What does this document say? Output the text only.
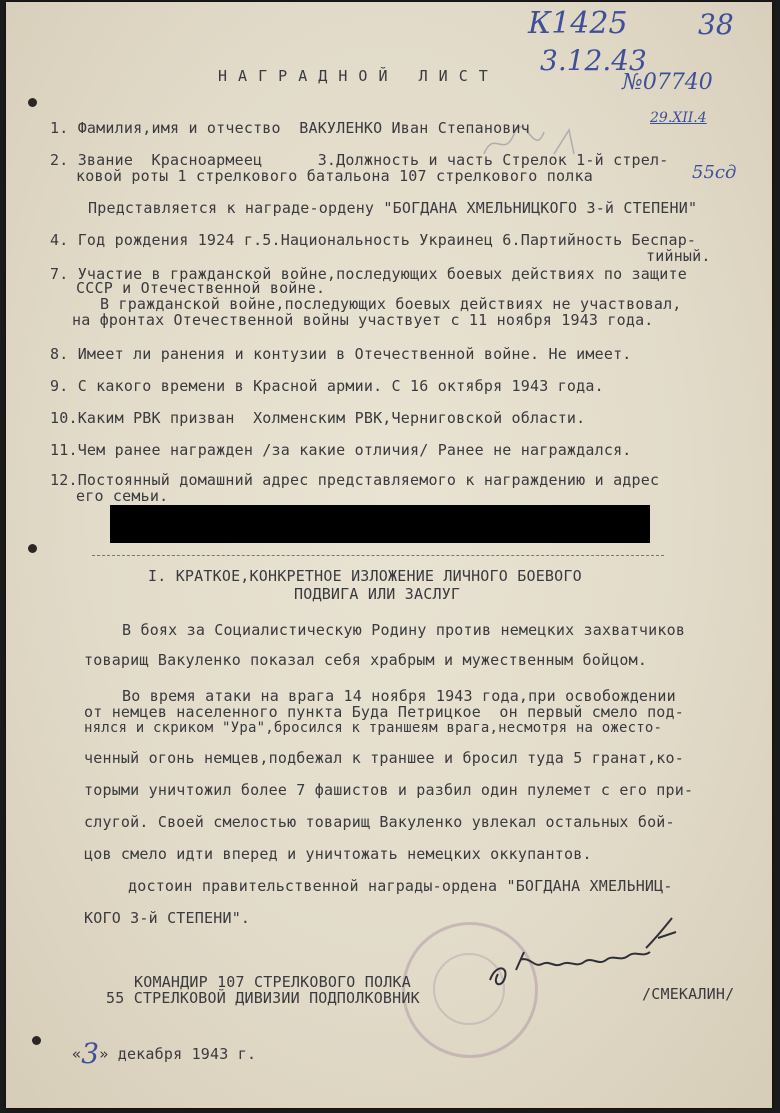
К1425	38
3.12.43
№07740
29.XII.4
55сд
Н А Г Р А Д Н О Й   Л И С Т
1. Фамилия,имя и отчество  ВАКУЛЕНКО Иван Степанович
2. Звание  Красноармеец      3.Должность и часть Стрелок 1-й стрел-
ковой роты 1 стрелкового батальона 107 стрелкового полка
Представляется к награде-ордену "БОГДАНА ХМЕЛЬНИЦКОГО 3-й СТЕПЕНИ"
4. Год рождения 1924 г.5.Национальность Украинец 6.Партийность Беспар-
тийный.
7. Участие в гражданской войне,последующих боевых действиях по защите
СССР и Отечественной войне.
В гражданской войне,последующих боевых действиях не участвовал,
на фронтах Отечественной войны участвует с 11 ноября 1943 года.
8. Имеет ли ранения и контузии в Отечественной войне. Не имеет.
9. С какого времени в Красной армии. С 16 октября 1943 года.
10.Каким РВК призван  Холменским РВК,Черниговской области.
11.Чем ранее награжден /за какие отличия/ Ранее не награждался.
12.Постоянный домашний адрес представляемого к награждению и адрес
его семьи.
I. КРАТКОЕ,КОНКРЕТНОЕ ИЗЛОЖЕНИЕ ЛИЧНОГО БОЕВОГО
ПОДВИГА ИЛИ ЗАСЛУГ
В боях за Социалистическую Родину против немецких захватчиков
товарищ Вакуленко показал себя храбрым и мужественным бойцом.
Во время атаки на врага 14 ноября 1943 года,при освобождении
от немцев населенного пункта Буда Петрицкое  он первый смело под-
нялся и скриком "Ура",бросился к траншеям врага,несмотря на ожесто-
ченный огонь немцев,подбежал к траншее и бросил туда 5 гранат,ко-
торыми уничтожил более 7 фашистов и разбил один пулемет с его при-
слугой. Своей смелостью товарищ Вакуленко увлекал остальных бой-
цов смело идти вперед и уничтожать немецких оккупантов.
достоин правительственной награды-ордена "БОГДАНА ХМЕЛЬНИЦ-
КОГО 3-й СТЕПЕНИ".
КОМАНДИР 107 СТРЕЛКОВОГО ПОЛКА
55 СТРЕЛКОВОЙ ДИВИЗИИ ПОДПОЛКОВНИК	/СМЕКАЛИН/
«3» декабря 1943 г.
